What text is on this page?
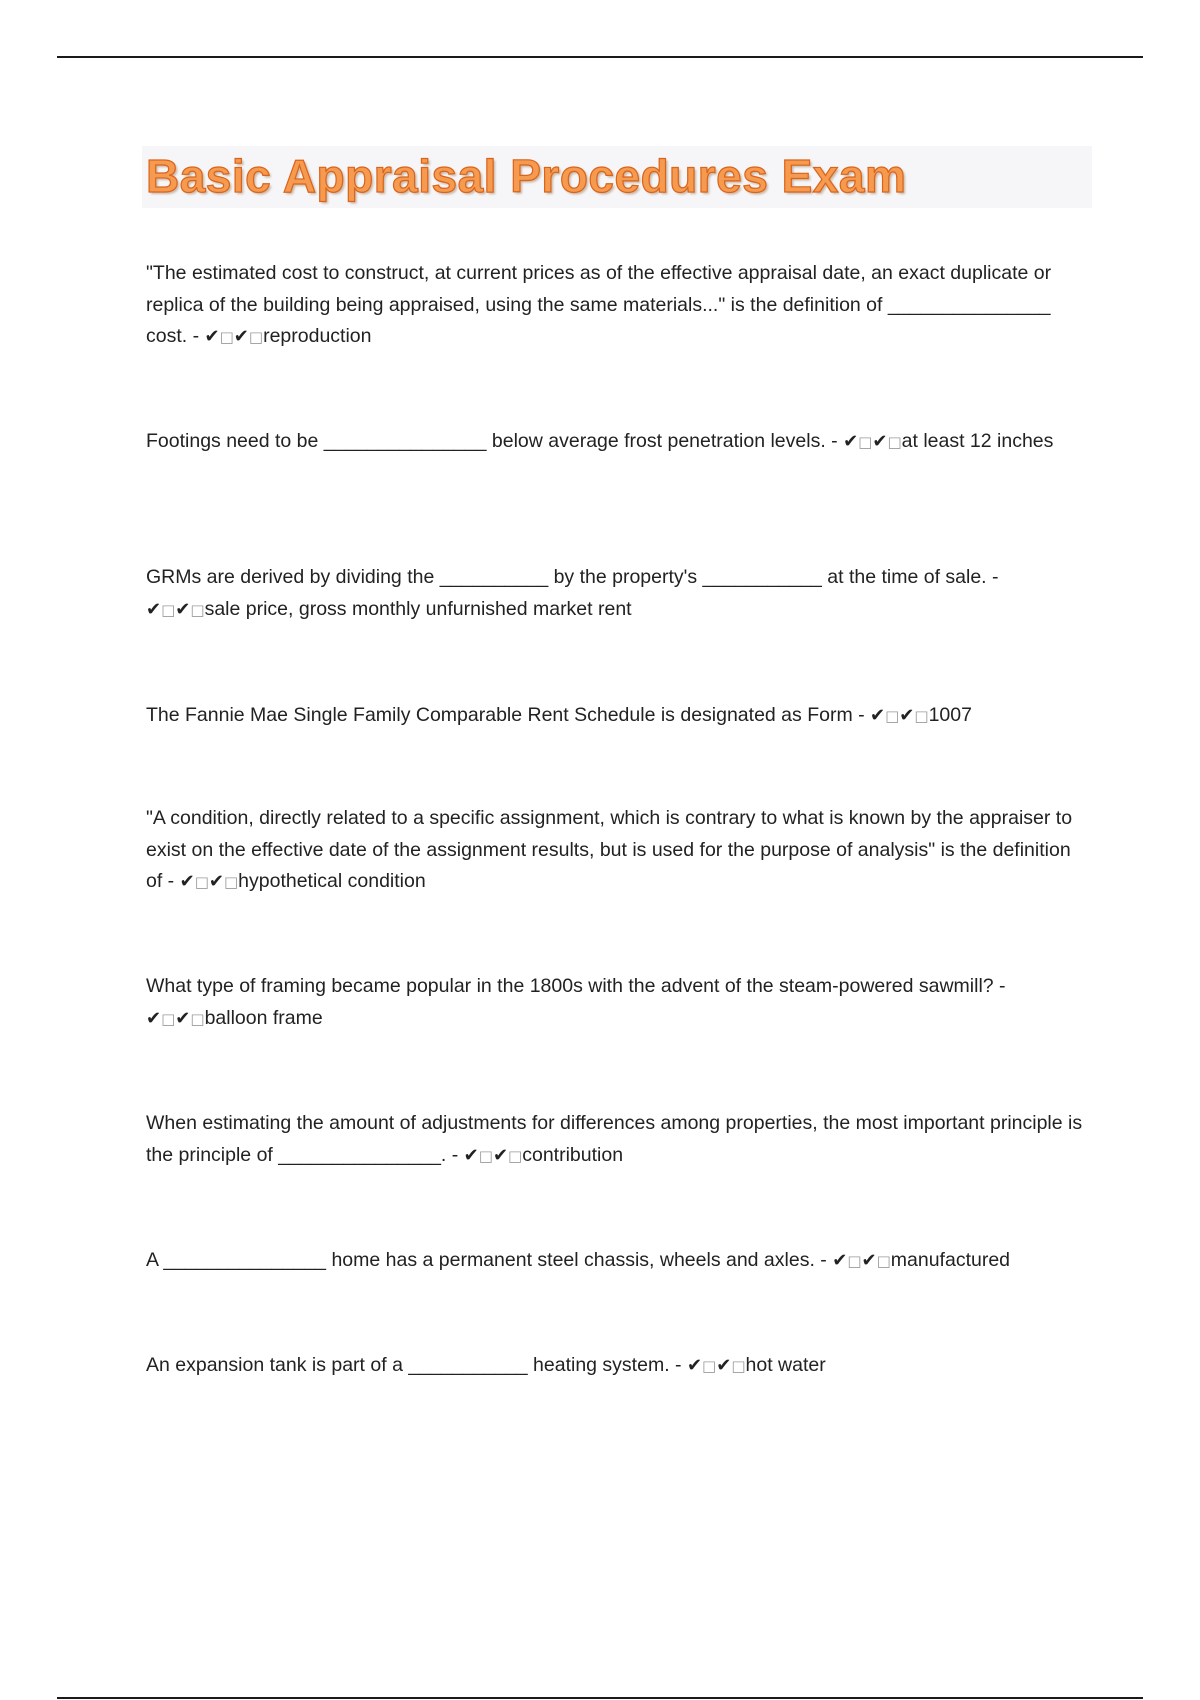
Basic Appraisal Procedures Exam
"The estimated cost to construct, at current prices as of the effective appraisal date, an exact duplicate or replica of the building being appraised, using the same materials..." is the definition of _______________ cost. - ✔□✔□reproduction
Footings need to be _______________ below average frost penetration levels. - ✔□✔□at least 12 inches
GRMs are derived by dividing the __________ by the property's ___________ at the time of sale. - ✔□✔□sale price, gross monthly unfurnished market rent
The Fannie Mae Single Family Comparable Rent Schedule is designated as Form - ✔□✔□1007
"A condition, directly related to a specific assignment, which is contrary to what is known by the appraiser to exist on the effective date of the assignment results, but is used for the purpose of analysis" is the definition of - ✔□✔□hypothetical condition
What type of framing became popular in the 1800s with the advent of the steam-powered sawmill? - ✔□✔□balloon frame
When estimating the amount of adjustments for differences among properties, the most important principle is the principle of _______________. - ✔□✔□contribution
A _______________ home has a permanent steel chassis, wheels and axles. - ✔□✔□manufactured
An expansion tank is part of a ___________ heating system. - ✔□✔□hot water
